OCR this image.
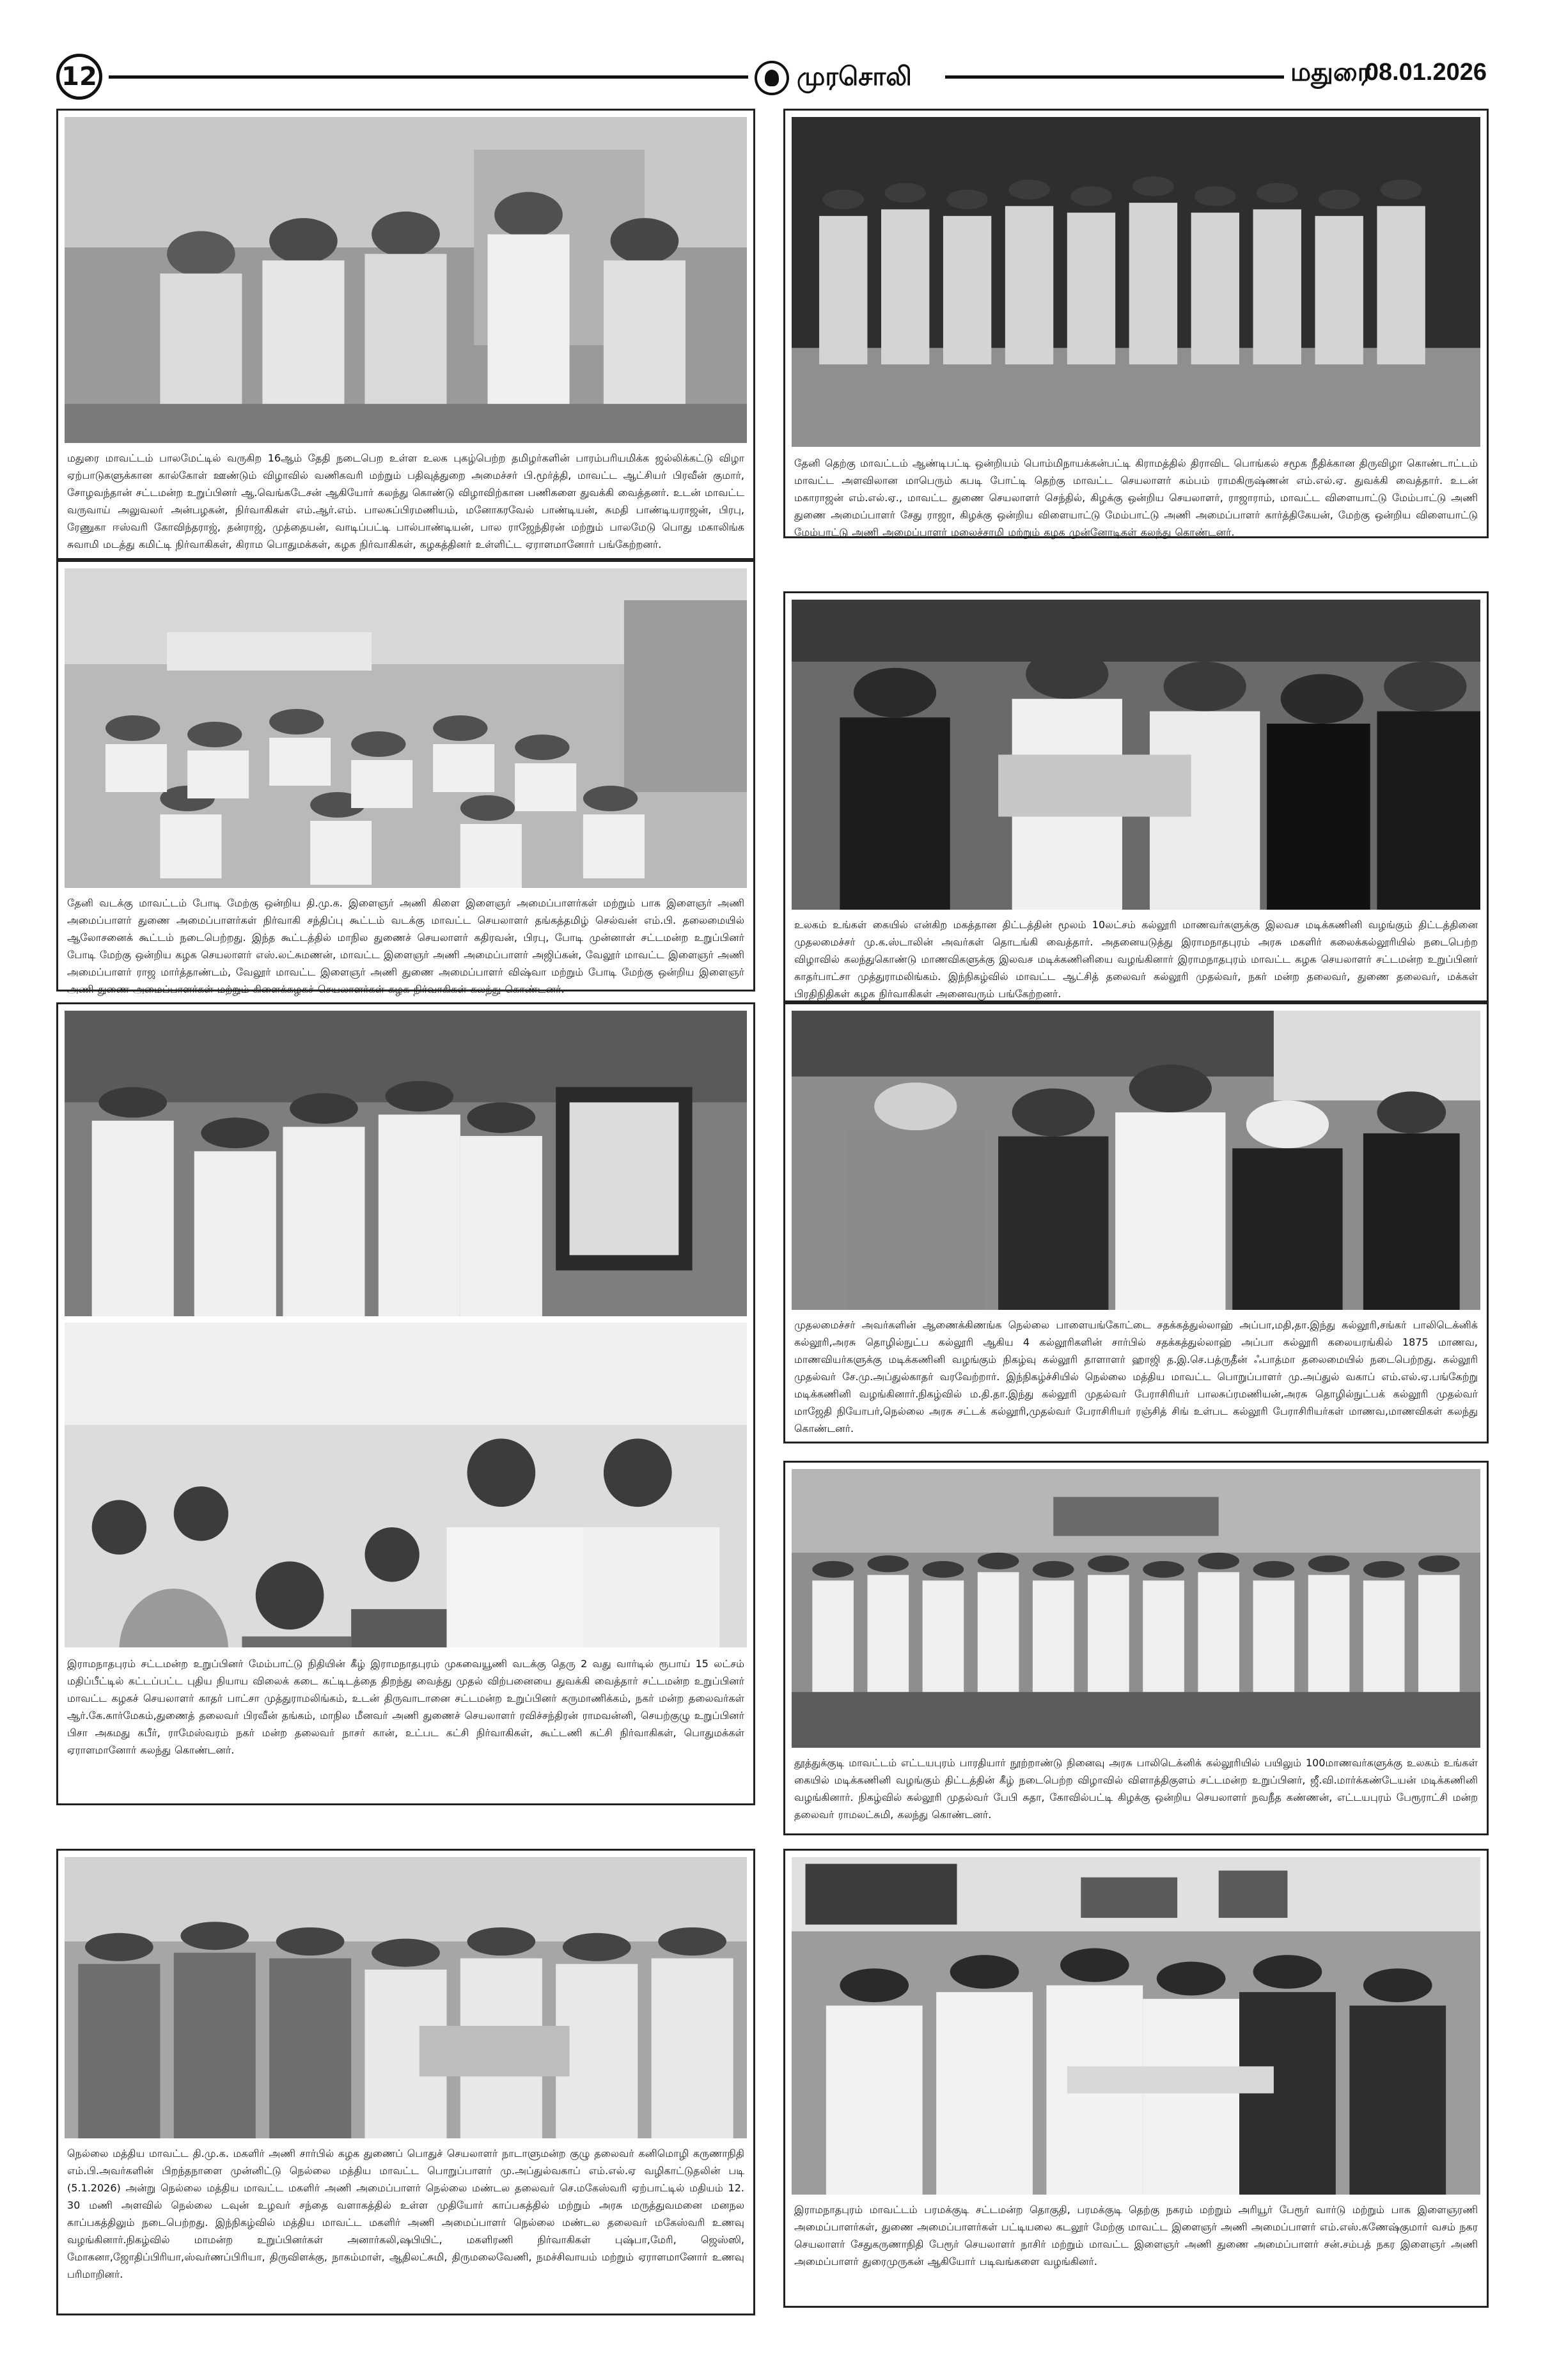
12	முரசொலி	மதுரை
08.01.2026
மதுரை மாவட்டம் பாலமேட்டில் வருகிற 16ஆம் தேதி நடைபெற உள்ள உலக புகழ்பெற்ற தமிழர்களின் பாரம்பரியமிக்க ஜல்லிக்கட்டு விழா ஏற்பாடுகளுக்கான கால்கோள் ஊண்டும் விழாவில் வணிகவரி மற்றும் பதிவுத்துறை அமைச்சர் பி.மூர்த்தி, மாவட்ட ஆட்சியர் பிரவீன் குமார், சோழவந்தான் சட்டமன்ற உறுப்பினர் ஆ.வெங்கடேசன் ஆகியோர் கலந்து கொண்டு விழாவிற்கான பணிகளை துவக்கி வைத்தனர். உடன் மாவட்ட வருவாய் அலுவலர் அன்பழகன், நிர்வாகிகள் எம்.ஆர்.எம். பாலசுப்பிரமணியம், மனோகரவேல் பாண்டியன், சுமதி பாண்டியராஜன், பிரபு, ரேணுகா ஈஸ்வரி கோவிந்தராஜ், தன்ராஜ், முத்தையன், வாடிப்பட்டி பால்பாண்டியன், பால ராஜேந்திரன் மற்றும் பாலமேடு பொது மகாலிங்க சுவாமி மடத்து கமிட்டி நிர்வாகிகள், கிராம பொதுமக்கள், கழக நிர்வாகிகள், கழகத்தினர் உள்ளிட்ட ஏராளமானோர் பங்கேற்றனர்.
தேனி தெற்கு மாவட்டம் ஆண்டிபட்டி ஒன்றியம் பொம்மிநாயக்கன்பட்டி கிராமத்தில் திராவிட பொங்கல் சமூக நீதிக்கான திருவிழா கொண்டாட்டம் மாவட்ட அளவிலான மாபெரும் கபடி போட்டி தெற்கு மாவட்ட செயலாளர் கம்பம் ராமகிருஷ்ணன் எம்.எல்.ஏ. துவக்கி வைத்தார். உடன் மகாராஜன் எம்.எல்.ஏ., மாவட்ட துணை செயலாளர் செந்தில், கிழக்கு ஒன்றிய செயலாளர், ராஜாராம், மாவட்ட விளையாட்டு மேம்பாட்டு அணி துணை அமைப்பாளர் சேது ராஜா, கிழக்கு ஒன்றிய விளையாட்டு மேம்பாட்டு அணி அமைப்பாளர் கார்த்திகேயன், மேற்கு ஒன்றிய விளையாட்டு மேம்பாட்டு அணி அமைப்பாளர் மலைச்சாமி மற்றும் கழக முன்னோடிகள் கலந்து கொண்டனர்.
தேனி வடக்கு மாவட்டம் போடி மேற்கு ஒன்றிய தி.மு.க. இளைஞர் அணி கிளை இளைஞர் அமைப்பாளர்கள் மற்றும் பாக இளைஞர் அணி அமைப்பாளர் துணை அமைப்பாளர்கள் நிர்வாகி சந்திப்பு கூட்டம் வடக்கு மாவட்ட செயலாளர் தங்கத்தமிழ் செல்வன் எம்.பி. தலைமையில் ஆலோசனைக் கூட்டம் நடைபெற்றது. இந்த கூட்டத்தில் மாநில துணைச் செயலாளர் கதிரவன், பிரபு, போடி முன்னாள் சட்டமன்ற உறுப்பினர் போடி மேற்கு ஒன்றிய கழக செயலாளர் எஸ்.லட்சுமணன், மாவட்ட இளைஞர் அணி அமைப்பாளர் அஜிப்கன், வேலூர் மாவட்ட இளைஞர் அணி அமைப்பாளர் ராஜ மார்த்தாண்டம், வேலூர் மாவட்ட இளைஞர் அணி துணை அமைப்பாளர் விஷ்வா மற்றும் போடி மேற்கு ஒன்றிய இளைஞர் அணி துணை அமைப்பாளர்கள் மற்றும் கிளைக்கழகச் செயலாளர்கள் கழக நிர்வாகிகள் கலந்து கொண்டனர்.
உலகம் உங்கள் கையில் என்கிற மகத்தான திட்டத்தின் மூலம் 10லட்சம் கல்லூரி மாணவர்களுக்கு இலவச மடிக்கணினி வழங்கும் திட்டத்தினை முதலமைச்சர் மு.க.ஸ்டாலின் அவர்கள் தொடங்கி வைத்தார். அதனையடுத்து இராமநாதபுரம் அரசு மகளிர் கலைக்கல்லூரியில் நடைபெற்ற விழாவில் கலந்துகொண்டு மாணவிகளுக்கு இலவச மடிக்கணினியை வழங்கினார் இராமநாதபுரம் மாவட்ட கழக செயலாளர் சட்டமன்ற உறுப்பினர் காதர்பாட்சா முத்துராமலிங்கம். இந்நிகழ்வில் மாவட்ட ஆட்சித் தலைவர் கல்லூரி முதல்வர், நகர் மன்ற தலைவர், துணை தலைவர், மக்கள் பிரதிநிதிகள் கழக நிர்வாகிகள் அனைவரும் பங்கேற்றனர்.
இராமநாதபுரம் சட்டமன்ற உறுப்பினர் மேம்பாட்டு நிதியின் கீழ் இராமநாதபுரம் முகவையூணி வடக்கு தெரு 2 வது வார்டில் ரூபாய் 15 லட்சம் மதிப்பீட்டில் கட்டப்பட்ட புதிய நியாய விலைக் கடை கட்டிடத்தை திறந்து வைத்து முதல் விற்பனையை துவக்கி வைத்தார் சட்டமன்ற உறுப்பினர் மாவட்ட கழகச் செயலாளர் காதர் பாட்சா முத்துராமலிங்கம், உடன் திருவாடானை சட்டமன்ற உறுப்பினர் கருமாணிக்கம், நகர் மன்ற தலைவர்கள் ஆர்.கே.கார்மேகம்,துணைத் தலைவர் பிரவீன் தங்கம், மாநில மீனவர் அணி துணைச் செயலாளர் ரவிச்சந்திரன் ராமவன்னி, செயற்குழு உறுப்பினர் பிசா அகமது கபீர், ராமேஸ்வரம் நகர் மன்ற தலைவர் நாசர் கான், உட்பட கட்சி நிர்வாகிகள், கூட்டணி கட்சி நிர்வாகிகள், பொதுமக்கள் ஏராளமானோர் கலந்து கொண்டனர்.
முதலமைச்சர் அவர்களின் ஆணைக்கிணங்க நெல்லை பாளையங்கோட்டை சதக்கத்துல்லாஹ் அப்பா,மதி,தா.இந்து கல்லூரி,சங்கர் பாலிடெக்னிக் கல்லூரி,அரசு தொழில்நுட்ப கல்லூரி ஆகிய 4 கல்லூரிகளின் சார்பில் சதக்கத்துல்லாஹ் அப்பா கல்லூரி கலையரங்கில் 1875 மாணவ, மாணவியர்களுக்கு மடிக்கணினி வழங்கும் நிகழ்வு கல்லூரி தாளாளர் ஹாஜி த.இ.செ.பத்ருதீன் ஃபாத்மா தலைமையில் நடைபெற்றது. கல்லூரி முதல்வர் சே.மு.அப்துல்காதர் வரவேற்றார். இந்நிகழ்ச்சியில் நெல்லை மத்திய மாவட்ட பொறுப்பாளர் மு.அப்துல் வகாப் எம்.எல்.ஏ.பங்கேற்று மடிக்கணினி வழங்கினார்.நிகழ்வில் ம.தி.தா.இந்து கல்லூரி முதல்வர் பேராசிரியர் பாலசுப்ரமணியன்,அரசு தொழில்நுட்பக் கல்லூரி முதல்வர் மாஜேதி நியோபர்,நெல்லை அரசு சட்டக் கல்லூரி,முதல்வர் பேராசிரியர் ரஞ்சித் சிங் உள்பட கல்லூரி பேராசிரியர்கள் மாணவ,மாணவிகள் கலந்து கொண்டனர்.
தூத்துக்குடி மாவட்டம் எட்டயபுரம் பாரதியார் நூற்றாண்டு நினைவு அரசு பாலிடெக்னிக் கல்லூரியில் பயிலும் 100மாணவர்களுக்கு உலகம் உங்கள் கையில் மடிக்கணினி வழங்கும் திட்டத்தின் கீழ் நடைபெற்ற விழாவில் விளாத்திகுளம் சட்டமன்ற உறுப்பினர், ஜீ.வி.மார்க்கண்டேயன் மடிக்கணினி வழங்கினார். நிகழ்வில் கல்லூரி முதல்வர் பேபி சுதா, கோவில்பட்டி கிழக்கு ஒன்றிய செயலாளர் நவநீத கண்ணன், எட்டயபுரம் பேரூராட்சி மன்ற தலைவர் ராமலட்சுமி, கலந்து கொண்டனர்.
நெல்லை மத்திய மாவட்ட தி.மு.க. மகளிர் அணி சார்பில் கழக துணைப் பொதுச் செயலாளர் நாடாளுமன்ற குழு தலைவர் கனிமொழி கருணாநிதி எம்.பி.அவர்களின் பிறந்தநாளை முன்னிட்டு நெல்லை மத்திய மாவட்ட பொறுப்பாளர் மு.அப்துல்வகாப் எம்.எல்.ஏ வழிகாட்டுதலின் படி (5.1.2026) அன்று நெல்லை மத்திய மாவட்ட மகளிர் அணி அமைப்பாளர் நெல்லை மண்டல தலைவர் செ.மகேஸ்வரி ஏற்பாட்டில் மதியம் 12. 30 மணி அளவில் நெல்லை டவுன் உழவர் சந்தை வளாகத்தில் உள்ள முதியோர் காப்பகத்தில் மற்றும் அரசு மருத்துவமனை மனநல காப்பகத்திலும் நடைபெற்றது. இந்நிகழ்வில் மத்திய மாவட்ட மகளிர் அணி அமைப்பாளர் நெல்லை மண்டல தலைவர் மகேஸ்வரி உணவு வழங்கினார்.நிகழ்வில் மாமன்ற உறுப்பினர்கள் அனார்கலி,ஷபியிட், மகளிரணி நிர்வாகிகள் புஷ்பா,மேரி, ஜெஸ்ஸி, மோகனா,ஜோதிப்பிரியா,ஸ்வர்ணப்பிரியா, திருவிளக்கு, நாகம்மாள், ஆதிலட்சுமி, திருமலைவேணி, நமச்சிவாயம் மற்றும் ஏராளமானோர் உணவு பரிமாறினர்.
இராமநாதபுரம் மாவட்டம் பரமக்குடி சட்டமன்ற தொகுதி, பரமக்குடி தெற்கு நகரம் மற்றும் அரியூர் பேரூர் வார்டு மற்றும் பாக இளைஞரணி அமைப்பாளர்கள், துணை அமைப்பாளர்கள் பட்டியலை கடலூர் மேற்கு மாவட்ட இளைஞர் அணி அமைப்பாளர் எம்.எஸ்.கணேஷ்குமார் வசம் நகர செயலாளர் சேதுகருணாநிதி பேரூர் செயலாளர் நாசிர் மற்றும் மாவட்ட இளைஞர் அணி துணை அமைப்பாளர் சன்.சம்பத் நகர இளைஞர் அணி அமைப்பாளர் துரைமுருகன் ஆகியோர் படிவங்களை வழங்கினர்.
